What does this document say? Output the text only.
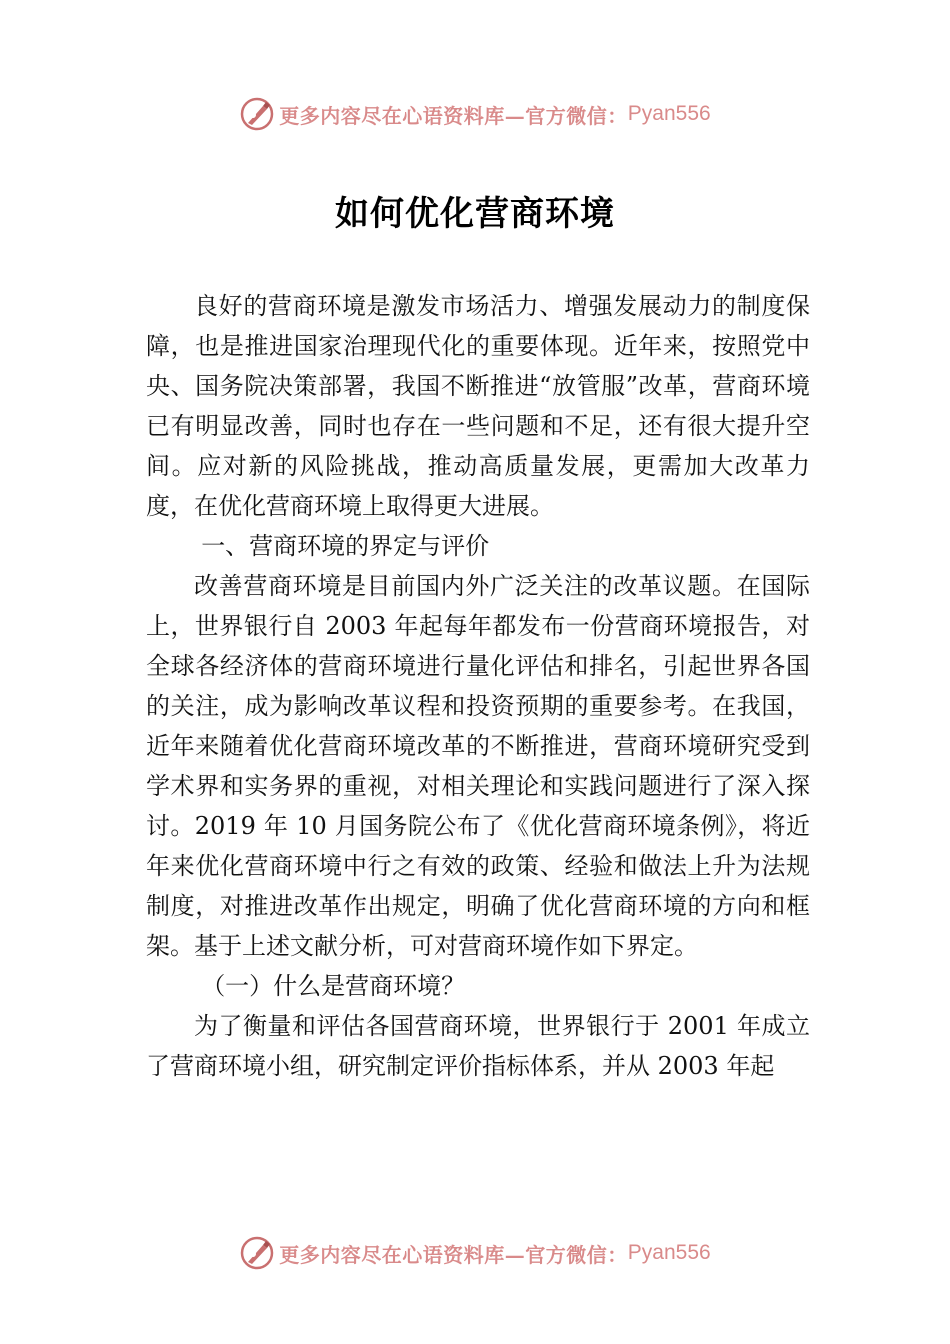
更多内容尽在心语资料库—官方微信： Pyan556
如何优化营商环境

良好的营商环境是激发市场活力、增强发展动力的制度保障，也是推进国家治理现代化的重要体现。近年来，按照党中央、国务院决策部署，我国不断推进“放管服”改革，营商环境已有明显改善，同时也存在一些问题和不足，还有很大提升空间。应对新的风险挑战，推动高质量发展，更需加大改革力度，在优化营商环境上取得更大进展。

一、营商环境的界定与评价

改善营商环境是目前国内外广泛关注的改革议题。在国际上，世界银行自 2003 年起每年都发布一份营商环境报告，对全球各经济体的营商环境进行量化评估和排名，引起世界各国的关注，成为影响改革议程和投资预期的重要参考。在我国，近年来随着优化营商环境改革的不断推进，营商环境研究受到学术界和实务界的重视，对相关理论和实践问题进行了深入探讨。2019 年 10 月国务院公布了《优化营商环境条例》，将近年来优化营商环境中行之有效的政策、经验和做法上升为法规制度，对推进改革作出规定，明确了优化营商环境的方向和框架。基于上述文献分析，可对营商环境作如下界定。

（一）什么是营商环境？

为了衡量和评估各国营商环境，世界银行于 2001 年成立了营商环境小组，研究制定评价指标体系，并从 2003 年起

更多内容尽在心语资料库—官方微信： Pyan556
